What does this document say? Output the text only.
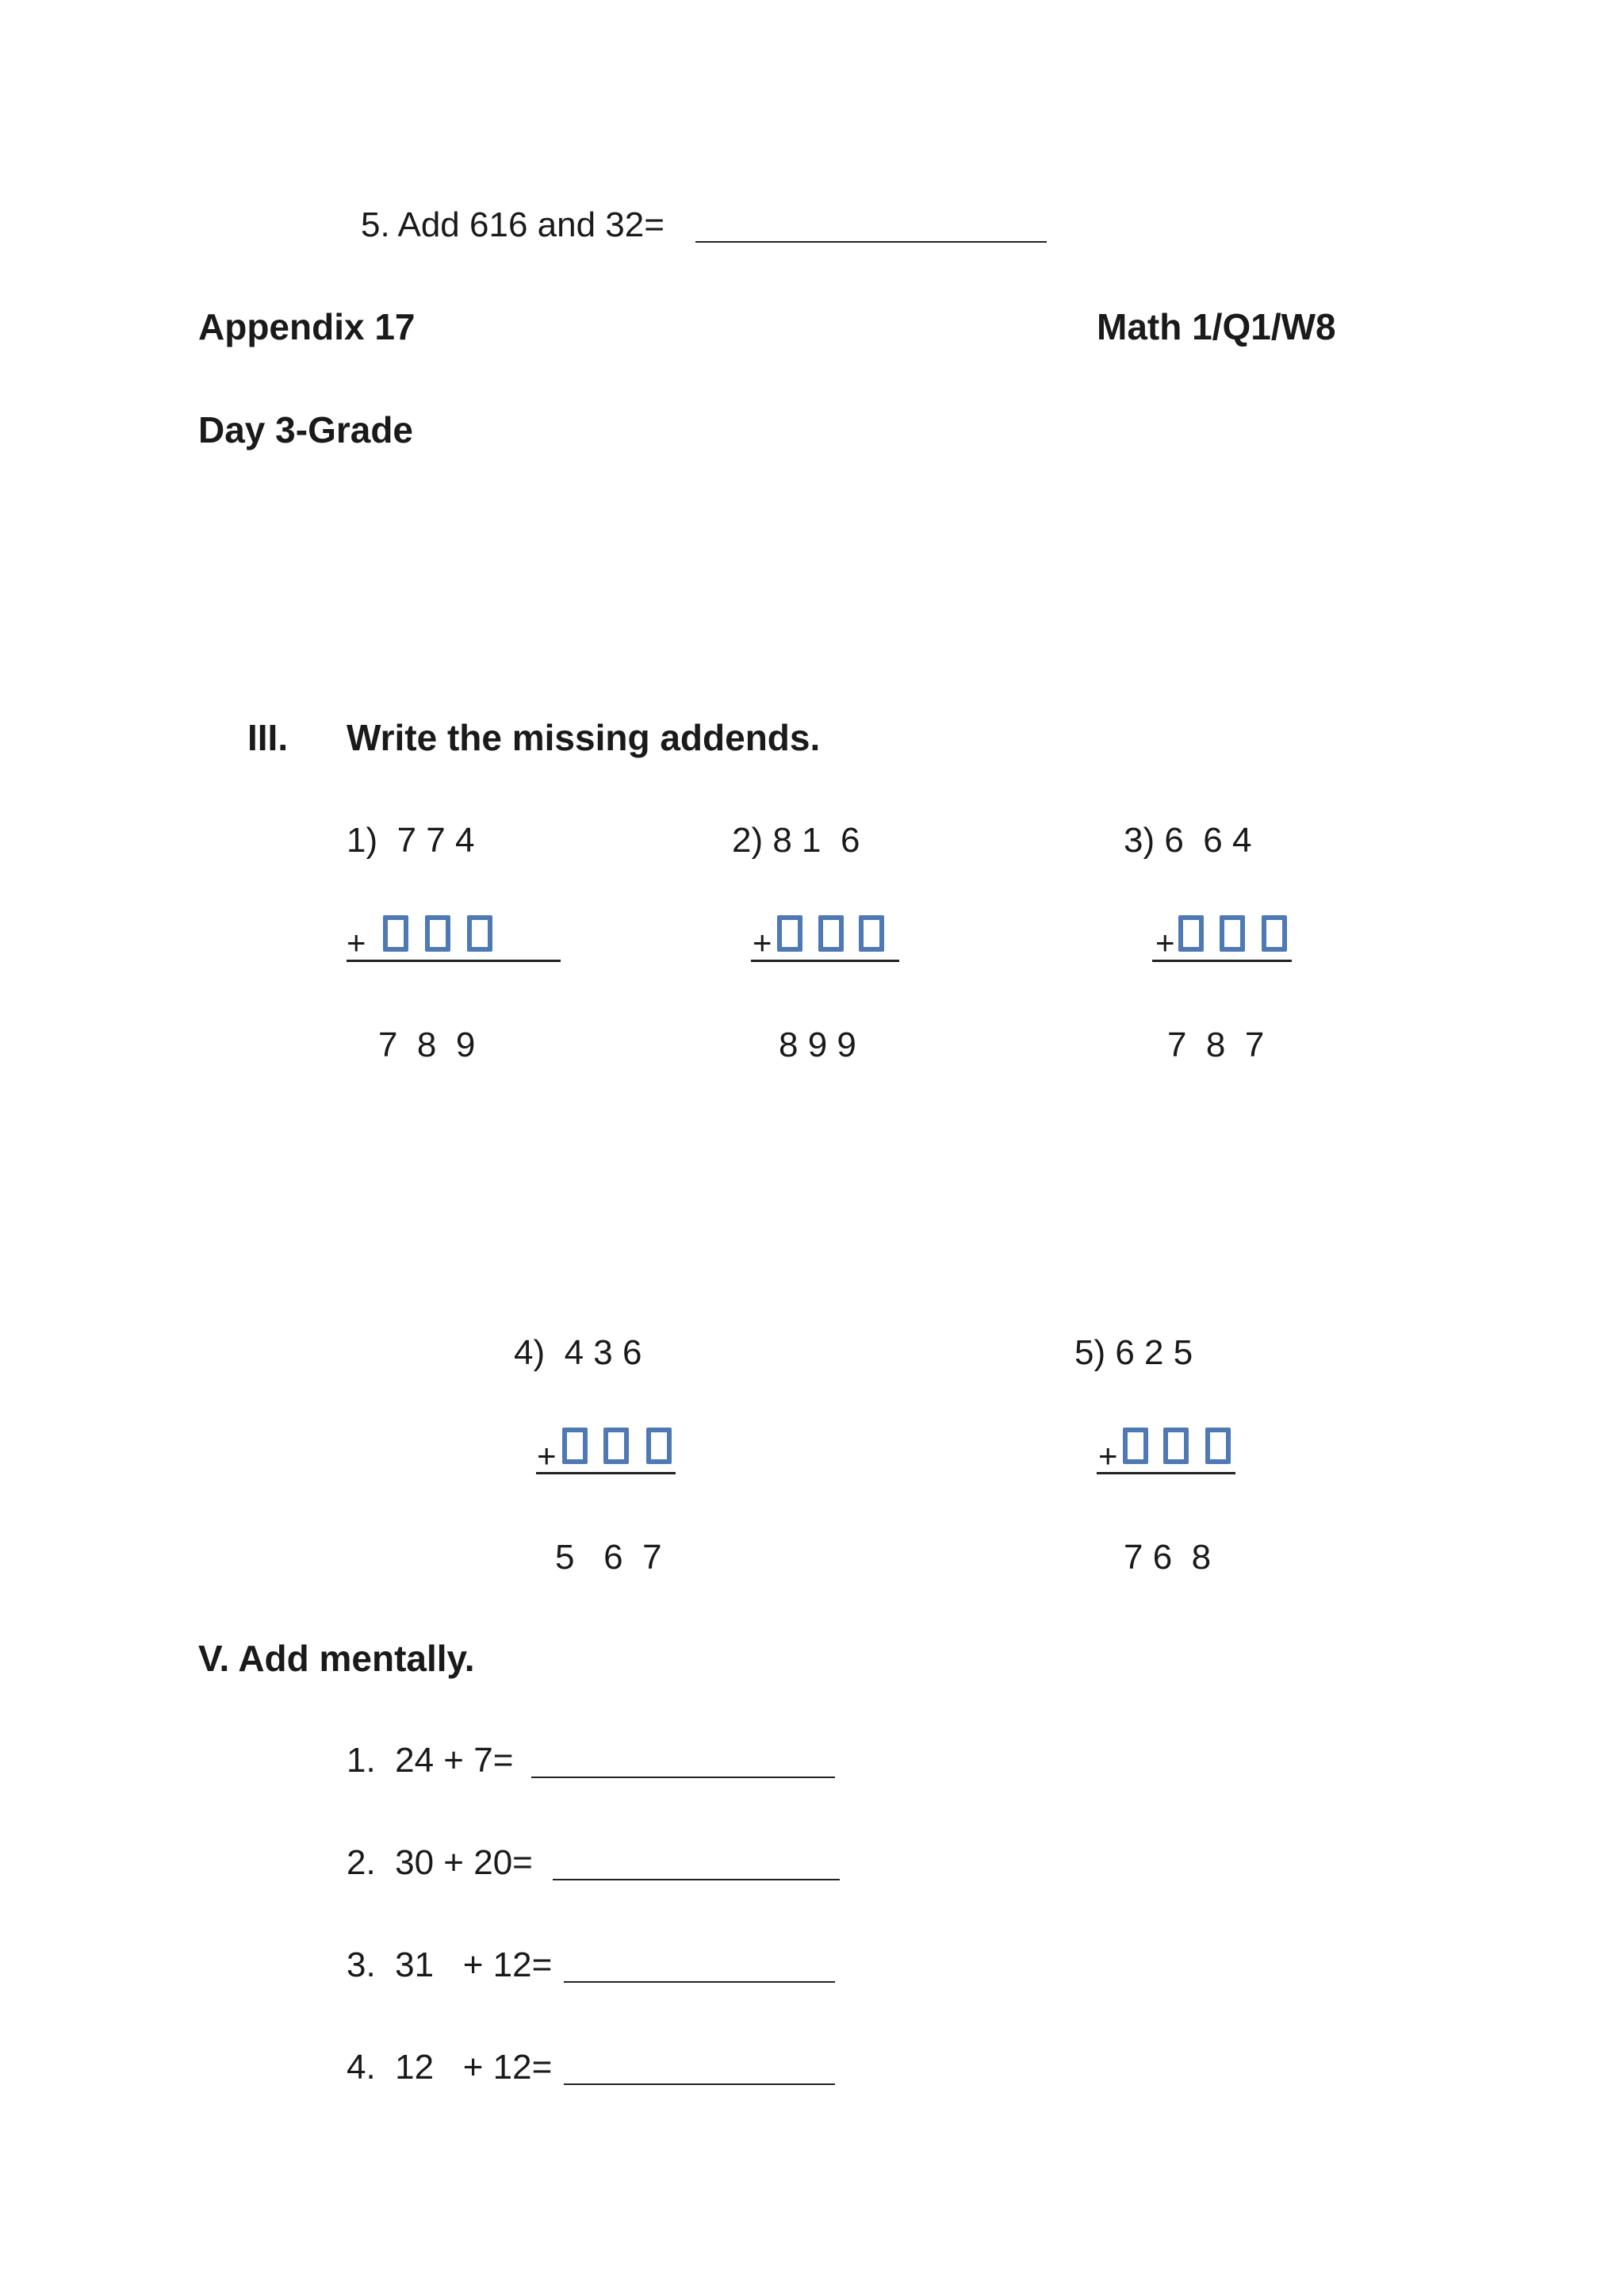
5. Add 616 and 32=
Appendix 17	Math 1/Q1/W8
Day 3-Grade
III. Write the missing addends.
1)  7 7 4
+
7  8  9
2) 8 1  6
+
8 9 9
3) 6  6 4
+
7  8  7
4)  4 3 6
+
5   6  7
5) 6 2 5
+
7 6  8
V. Add mentally.
1.  24 + 7=
2.  30 + 20=
3.  31   + 12=
4.  12   + 12=
